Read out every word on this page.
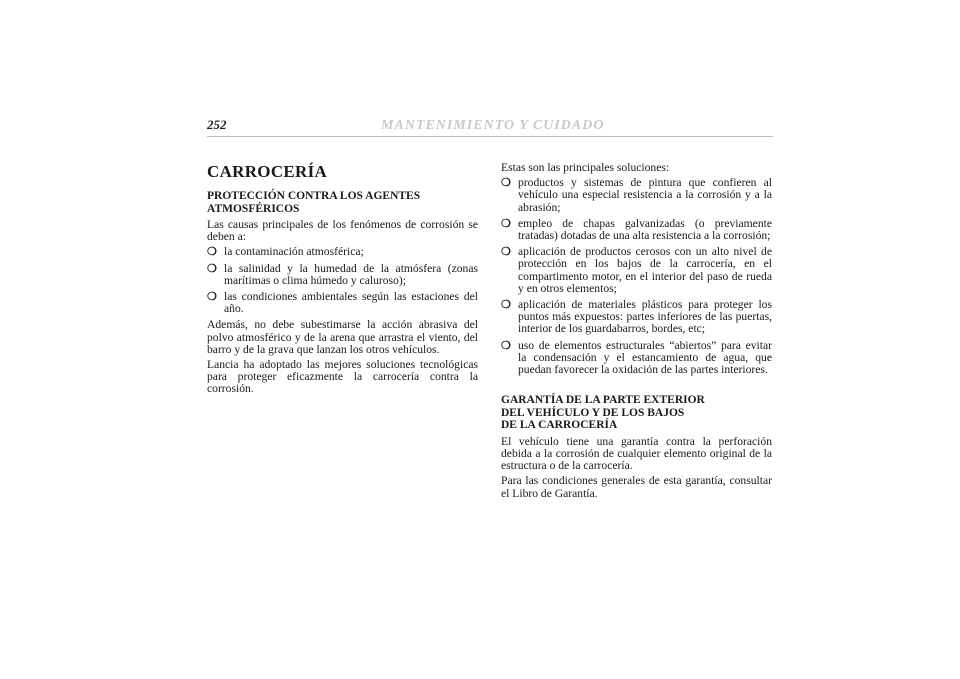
252	MANTENIMIENTO Y CUIDADO
CARROCERÍA
PROTECCIÓN CONTRA LOS AGENTES ATMOSFÉRICOS

Las causas principales de los fenómenos de corrosión se deben a:

❍ la contaminación atmosférica;
❍ la salinidad y la humedad de la atmósfera (zonas marítimas o clima húmedo y caluroso);
❍ las condiciones ambientales según las estaciones del año.

Además, no debe subestimarse la acción abrasiva del polvo atmosférico y de la arena que arrastra el viento, del barro y de la grava que lanzan los otros vehículos.

Lancia ha adoptado las mejores soluciones tecnológicas para proteger eficazmente la carrocería contra la corrosión.

Estas son las principales soluciones:

❍ productos y sistemas de pintura que confieren al vehículo una especial resistencia a la corrosión y a la abrasión;
❍ empleo de chapas galvanizadas (o previamente tratadas) dotadas de una alta resistencia a la corrosión;
❍ aplicación de productos cerosos con un alto nivel de protección en los bajos de la carrocería, en el compartimento motor, en el interior del paso de rueda y en otros elementos;
❍ aplicación de materiales plásticos para proteger los puntos más expuestos: partes inferiores de las puertas, interior de los guardabarros, bordes, etc;
❍ uso de elementos estructurales “abiertos” para evitar la condensación y el estancamiento de agua, que puedan favorecer la oxidación de las partes interiores.
GARANTÍA DE LA PARTE EXTERIOR
DEL VEHÍCULO Y DE LOS BAJOS
DE LA CARROCERÍA

El vehículo tiene una garantía contra la perforación debida a la corrosión de cualquier elemento original de la estructura o de la carrocería.

Para las condiciones generales de esta garantía, consultar el Libro de Garantía.
